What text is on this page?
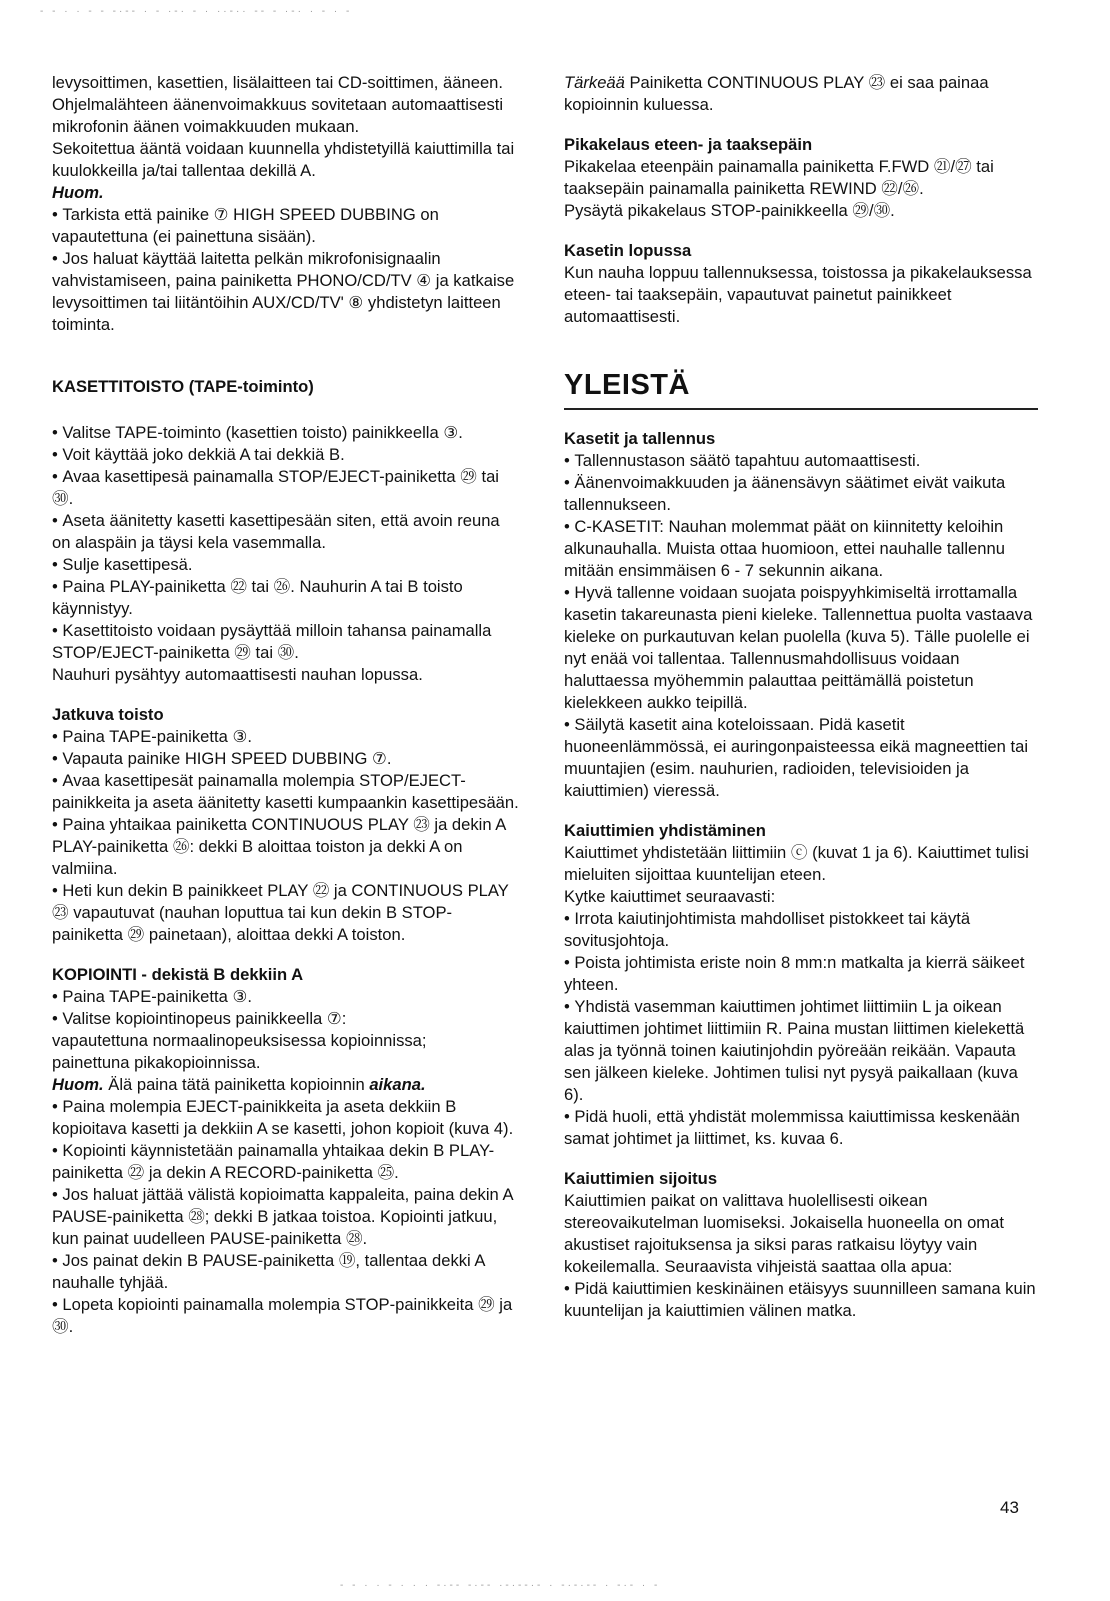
levysoittimen, kasettien, lisälaitteen tai CD-soittimen, ääneen.

Ohjelmalähteen äänenvoimakkuus sovitetaan automaattisesti mikrofonin äänen voimakkuuden mukaan.

Sekoitettua ääntä voidaan kuunnella yhdistetyillä kaiuttimilla tai kuulokkeilla ja/tai tallentaa dekillä A.

Huom.

• Tarkista että painike ⑦ HIGH SPEED DUBBING on vapautettuna (ei painettuna sisään).

• Jos haluat käyttää laitetta pelkän mikrofonisignaalin vahvistamiseen, paina painiketta PHONO/CD/TV ④ ja katkaise levysoittimen tai liitäntöihin AUX/CD/TV' ⑧ yhdistetyn laitteen toiminta.

KASETTITOISTO (TAPE-toiminto)

• Valitse TAPE-toiminto (kasettien toisto) painikkeella ③.

• Voit käyttää joko dekkiä A tai dekkiä B.

• Avaa kasettipesä painamalla STOP/EJECT-painiketta ㉙ tai ㉚.

• Aseta äänitetty kasetti kasettipesään siten, että avoin reuna on alaspäin ja täysi kela vasemmalla.

• Sulje kasettipesä.

• Paina PLAY-painiketta ㉒ tai ㉖. Nauhurin A tai B toisto käynnistyy.

• Kasettitoisto voidaan pysäyttää milloin tahansa painamalla STOP/EJECT-painiketta ㉙ tai ㉚.

Nauhuri pysähtyy automaattisesti nauhan lopussa.

Jatkuva toisto

• Paina TAPE-painiketta ③.

• Vapauta painike HIGH SPEED DUBBING ⑦.

• Avaa kasettipesät painamalla molempia STOP/EJECT-painikkeita ja aseta äänitetty kasetti kumpaankin kasettipesään.

• Paina yhtaikaa painiketta CONTINUOUS PLAY ㉓ ja dekin A PLAY-painiketta ㉖: dekki B aloittaa toiston ja dekki A on valmiina.

• Heti kun dekin B painikkeet PLAY ㉒ ja CONTINUOUS PLAY ㉓ vapautuvat (nauhan loputtua tai kun dekin B STOP-painiketta ㉙ painetaan), aloittaa dekki A toiston.

KOPIOINTI - dekistä B dekkiin A

• Paina TAPE-painiketta ③.

• Valitse kopiointinopeus painikkeella ⑦:

vapautettuna normaalinopeuksisessa kopioinnissa;

painettuna pikakopioinnissa.

Huom. Älä paina tätä painiketta kopioinnin aikana.

• Paina molempia EJECT-painikkeita ja aseta dekkiin B kopioitava kasetti ja dekkiin A se kasetti, johon kopioit (kuva 4).

• Kopiointi käynnistetään painamalla yhtaikaa dekin B PLAY-painiketta ㉒ ja dekin A RECORD-painiketta ㉕.

• Jos haluat jättää välistä kopioimatta kappaleita, paina dekin A PAUSE-painiketta ㉘; dekki B jatkaa toistoa. Kopiointi jatkuu, kun painat uudelleen PAUSE-painiketta ㉘.

• Jos painat dekin B PAUSE-painiketta ⑲, tallentaa dekki A nauhalle tyhjää.

• Lopeta kopiointi painamalla molempia STOP-painikkeita ㉙ ja ㉚.

Tärkeää Painiketta CONTINUOUS PLAY ㉓ ei saa painaa kopioinnin kuluessa.

Pikakelaus eteen- ja taaksepäin

Pikakelaa eteenpäin painamalla painiketta F.FWD ㉑/㉗ tai taaksepäin painamalla painiketta REWIND ㉒/㉖.

Pysäytä pikakelaus STOP-painikkeella ㉙/㉚.

Kasetin lopussa

Kun nauha loppuu tallennuksessa, toistossa ja pikakelauksessa eteen- tai taaksepäin, vapautuvat painetut painikkeet automaattisesti.

YLEISTÄ

Kasetit ja tallennus

• Tallennustason säätö tapahtuu automaattisesti.

• Äänenvoimakkuuden ja äänensävyn säätimet eivät vaikuta tallennukseen.

• C-KASETIT: Nauhan molemmat päät on kiinnitetty keloihin alkunauhalla. Muista ottaa huomioon, ettei nauhalle tallennu mitään ensimmäisen 6 - 7 sekunnin aikana.

• Hyvä tallenne voidaan suojata poispyyhkimiseltä irrottamalla kasetin takareunasta pieni kieleke. Tallennettua puolta vastaava kieleke on purkautuvan kelan puolella (kuva 5). Tälle puolelle ei nyt enää voi tallentaa. Tallennusmahdollisuus voidaan haluttaessa myöhemmin palauttaa peittämällä poistetun kielekkeen aukko teipillä.

• Säilytä kasetit aina koteloissaan. Pidä kasetit huoneenlämmössä, ei auringonpaisteessa eikä magneettien tai muuntajien (esim. nauhurien, radioiden, televisioiden ja kaiuttimien) vieressä.

Kaiuttimien yhdistäminen

Kaiuttimet yhdistetään liittimiin ⓒ (kuvat 1 ja 6). Kaiuttimet tulisi mieluiten sijoittaa kuuntelijan eteen.

Kytke kaiuttimet seuraavasti:

• Irrota kaiutinjohtimista mahdolliset pistokkeet tai käytä sovitusjohtoja.

• Poista johtimista eriste noin 8 mm:n matkalta ja kierrä säikeet yhteen.

• Yhdistä vasemman kaiuttimen johtimet liittimiin L ja oikean kaiuttimen johtimet liittimiin R. Paina mustan liittimen kielekettä alas ja työnnä toinen kaiutinjohdin pyöreään reikään. Vapauta sen jälkeen kieleke. Johtimen tulisi nyt pysyä paikallaan (kuva 6).

• Pidä huoli, että yhdistät molemmissa kaiuttimissa keskenään samat johtimet ja liittimet, ks. kuvaa 6.

Kaiuttimien sijoitus

Kaiuttimien paikat on valittava huolellisesti oikean stereovaikutelman luomiseksi. Jokaisella huoneella on omat akustiset rajoituksensa ja siksi paras ratkaisu löytyy vain kokeilemalla. Seuraavista vihjeistä saattaa olla apua:

• Pidä kaiuttimien keskinäinen etäisyys suunnilleen samana kuin kuuntelijan ja kaiuttimien välinen matka.

43
- - · · - - -·-- · - ·-· - · ··-·· -- - ·-· · - · -
- - · · - · · · -·-- -·-- ·-·--·- · -·-·-- · -·- · -
